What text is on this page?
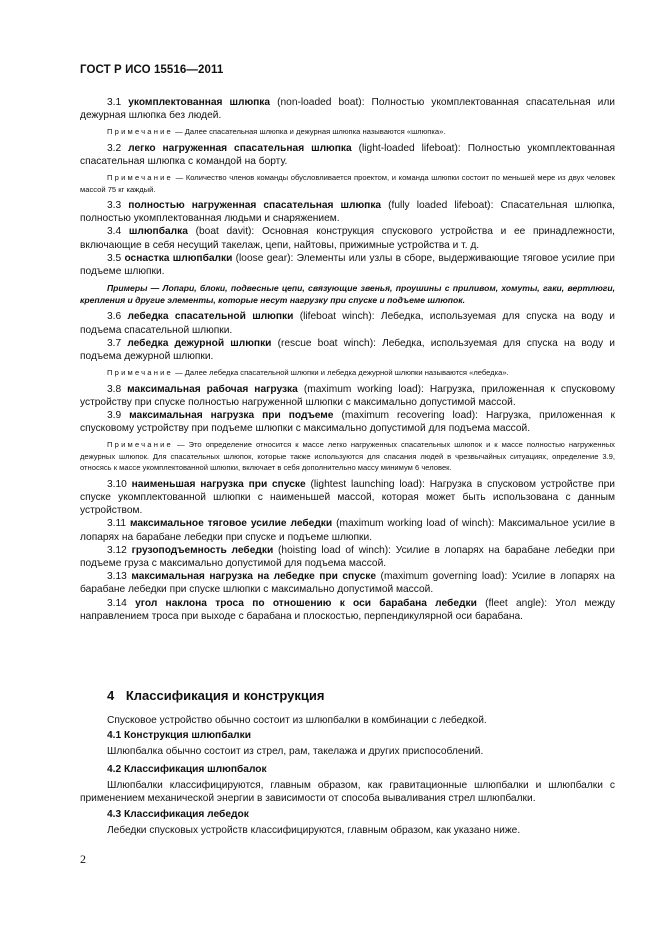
ГОСТ Р ИСО 15516—2011

3.1 укомплектованная шлюпка (non-loaded boat): Полностью укомплектованная спасательная или дежурная шлюпка без людей.

Примечание — Далее спасательная шлюпка и дежурная шлюпка называются «шлюпка».

3.2 легко нагруженная спасательная шлюпка (light-loaded lifeboat): Полностью укомплектованная спасательная шлюпка с командой на борту.

Примечание — Количество членов команды обусловливается проектом, и команда шлюпки состоит по меньшей мере из двух человек массой 75 кг каждый.

3.3 полностью нагруженная спасательная шлюпка (fully loaded lifeboat): Спасательная шлюпка, полностью укомплектованная людьми и снаряжением.

3.4 шлюпбалка (boat davit): Основная конструкция спускового устройства и ее принадлежности, включающие в себя несущий такелаж, цепи, найтовы, прижимные устройства и т. д.

3.5 оснастка шлюпбалки (loose gear): Элементы или узлы в сборе, выдерживающие тяговое усилие при подъеме шлюпки.

Примеры — Лопари, блоки, подвесные цепи, связующие звенья, проушины с приливом, хомуты, гаки, вертлюги, крепления и другие элементы, которые несут нагрузку при спуске и подъеме шлюпок.

3.6 лебедка спасательной шлюпки (lifeboat winch): Лебедка, используемая для спуска на воду и подъема спасательной шлюпки.

3.7 лебедка дежурной шлюпки (rescue boat winch): Лебедка, используемая для спуска на воду и подъема дежурной шлюпки.

Примечание — Далее лебедка спасательной шлюпки и лебедка дежурной шлюпки называются «лебедка».

3.8 максимальная рабочая нагрузка (maximum working load): Нагрузка, приложенная к спусковому устройству при спуске полностью нагруженной шлюпки с максимально допустимой массой.

3.9 максимальная нагрузка при подъеме (maximum recovering load): Нагрузка, приложенная к спусковому устройству при подъеме шлюпки с максимально допустимой для подъема массой.

Примечание — Это определение относится к массе легко нагруженных спасательных шлюпок и к массе полностью нагруженных дежурных шлюпок. Для спасательных шлюпок, которые также используются для спасания людей в чрезвычайных ситуациях, определение 3.9, относясь к массе укомплектованной шлюпки, включает в себя дополнительно массу минимум 6 человек.

3.10 наименьшая нагрузка при спуске (lightest launching load): Нагрузка в спусковом устройстве при спуске укомплектованной шлюпки с наименьшей массой, которая может быть использована с данным устройством.

3.11 максимальное тяговое усилие лебедки (maximum working load of winch): Максимальное усилие в лопарях на барабане лебедки при спуске и подъеме шлюпки.

3.12 грузоподъемность лебедки (hoisting load of winch): Усилие в лопарях на барабане лебедки при подъеме груза с максимально допустимой для подъема массой.

3.13 максимальная нагрузка на лебедке при спуске (maximum governing load): Усилие в лопарях на барабане лебедки при спуске шлюпки с максимально допустимой массой.

3.14 угол наклона троса по отношению к оси барабана лебедки (fleet angle): Угол между направлением троса при выходе с барабана и плоскостью, перпендикулярной оси барабана.

4 Классификация и конструкция

Спусковое устройство обычно состоит из шлюпбалки в комбинации с лебедкой.

4.1 Конструкция шлюпбалки

Шлюпбалка обычно состоит из стрел, рам, такелажа и других приспособлений.

4.2 Классификация шлюпбалок

Шлюпбалки классифицируются, главным образом, как гравитационные шлюпбалки и шлюпбалки с применением механической энергии в зависимости от способа вываливания стрел шлюпбалки.

4.3 Классификация лебедок

Лебедки спусковых устройств классифицируются, главным образом, как указано ниже.

2
